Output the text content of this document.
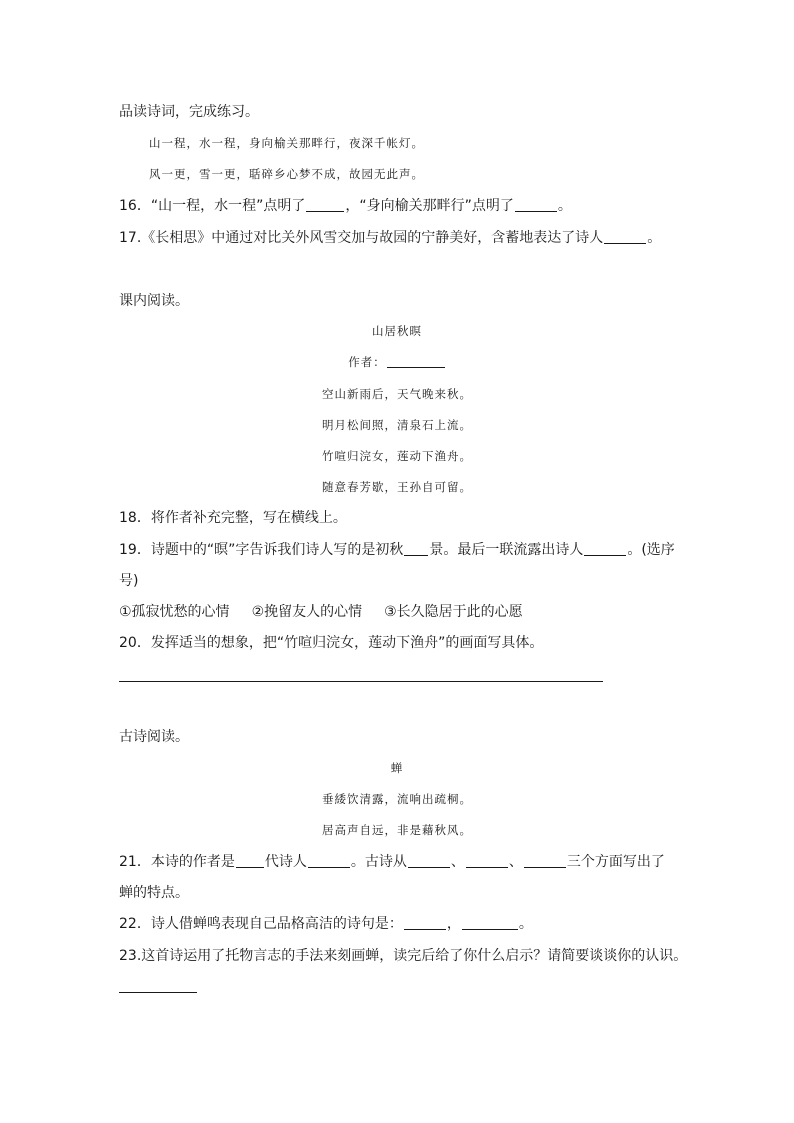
品读诗词，完成练习。
山一程，水一程，身向榆关那畔行，夜深千帐灯。
风一更，雪一更，聒碎乡心梦不成，故园无此声。
16．“山一程，水一程”点明了	，“身向榆关那畔行”点明了	。
17.《长相思》中通过对比关外风雪交加与故园的宁静美好，含蓄地表达了诗人	。
课内阅读。
山居秋暝
作者：
空山新雨后，天气晚来秋。
明月松间照，清泉石上流。
竹喧归浣女，莲动下渔舟。
随意春芳歇，王孙自可留。
18．将作者补充完整，写在横线上。
19．诗题中的“暝”字告诉我们诗人写的是初秋 景。最后一联流露出诗人	。(选序
号)
①孤寂忧愁的心情 ②挽留友人的心情 ③长久隐居于此的心愿
20．发挥适当的想象，把“竹喧归浣女，莲动下渔舟”的画面写具体。
古诗阅读。
蝉
垂緌饮清露，流响出疏桐。
居高声自远，非是藉秋风。
21．本诗的作者是 代诗人	。古诗从	、	、	三个方面写出了
蝉的特点。
22．诗人借蝉鸣表现自己品格高洁的诗句是：	，	。
23.这首诗运用了托物言志的手法来刻画蝉，读完后给了你什么启示？请简要谈谈你的认识。
